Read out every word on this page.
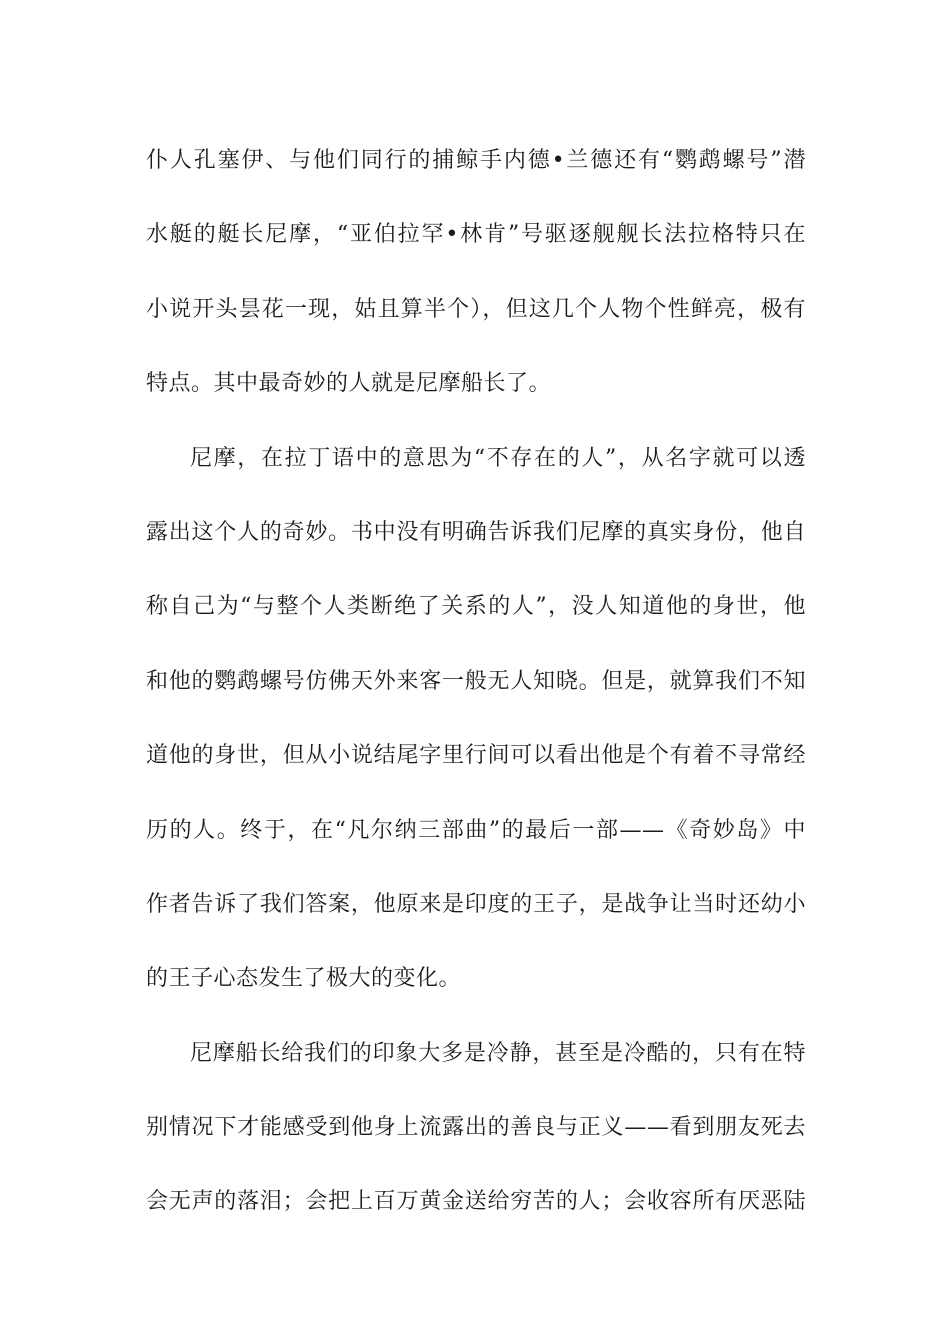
仆人孔塞伊、与他们同行的捕鲸手内德•兰德还有“鹦鹉螺号”潜
水艇的艇长尼摩，“亚伯拉罕•林肯”号驱逐舰舰长法拉格特只在
小说开头昙花一现，姑且算半个），但这几个人物个性鲜亮，极有
特点。其中最奇妙的人就是尼摩船长了。
尼摩，在拉丁语中的意思为“不存在的人”，从名字就可以透
露出这个人的奇妙。书中没有明确告诉我们尼摩的真实身份，他自
称自己为“与整个人类断绝了关系的人”，没人知道他的身世，他
和他的鹦鹉螺号仿佛天外来客一般无人知晓。但是，就算我们不知
道他的身世，但从小说结尾字里行间可以看出他是个有着不寻常经
历的人。终于，在“凡尔纳三部曲”的最后一部——《奇妙岛》中
作者告诉了我们答案，他原来是印度的王子，是战争让当时还幼小
的王子心态发生了极大的变化。
尼摩船长给我们的印象大多是冷静，甚至是冷酷的，只有在特
别情况下才能感受到他身上流露出的善良与正义——看到朋友死去
会无声的落泪；会把上百万黄金送给穷苦的人；会收容所有厌恶陆
